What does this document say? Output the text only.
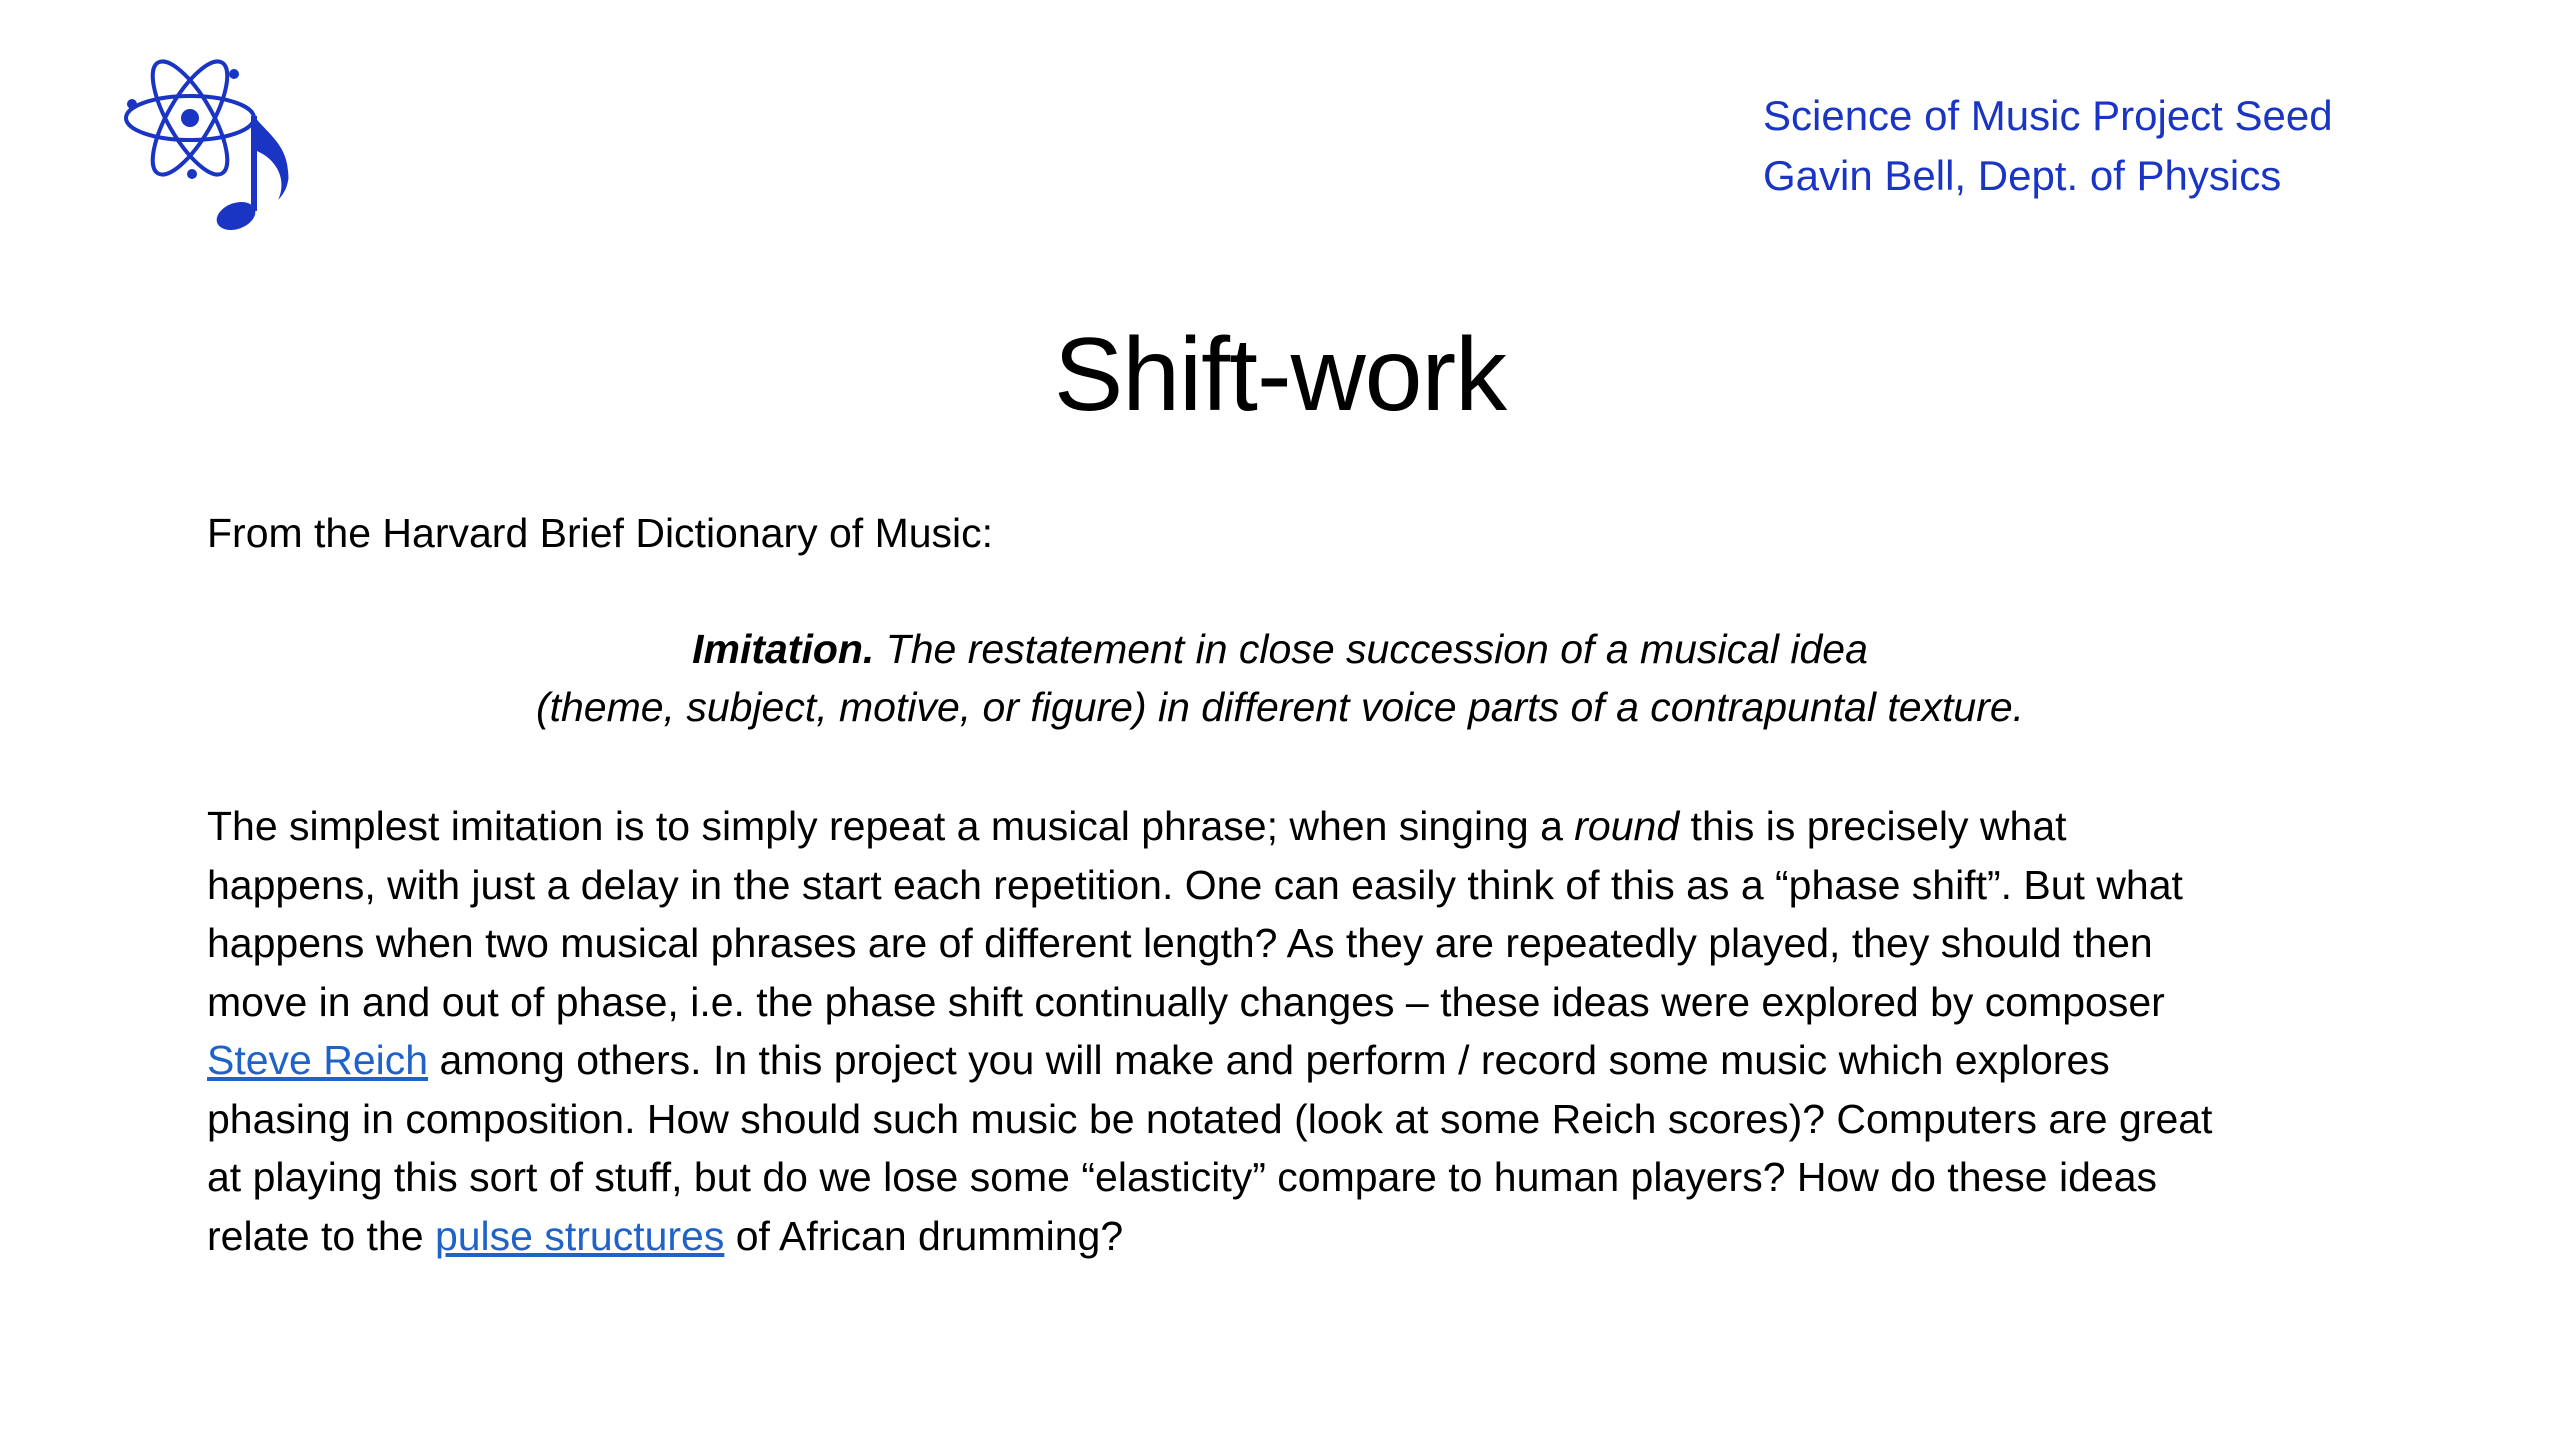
Science of Music Project Seed
Gavin Bell, Dept. of Physics
Shift-work
From the Harvard Brief Dictionary of Music:
Imitation. The restatement in close succession of a musical idea
(theme, subject, motive, or figure) in different voice parts of a contrapuntal texture.
The simplest imitation is to simply repeat a musical phrase; when singing a round this is precisely what
happens, with just a delay in the start each repetition. One can easily think of this as a “phase shift”. But what
happens when two musical phrases are of different length? As they are repeatedly played, they should then
move in and out of phase, i.e. the phase shift continually changes – these ideas were explored by composer
Steve Reich among others. In this project you will make and perform / record some music which explores
phasing in composition. How should such music be notated (look at some Reich scores)? Computers are great
at playing this sort of stuff, but do we lose some “elasticity” compare to human players? How do these ideas
relate to the pulse structures of African drumming?
